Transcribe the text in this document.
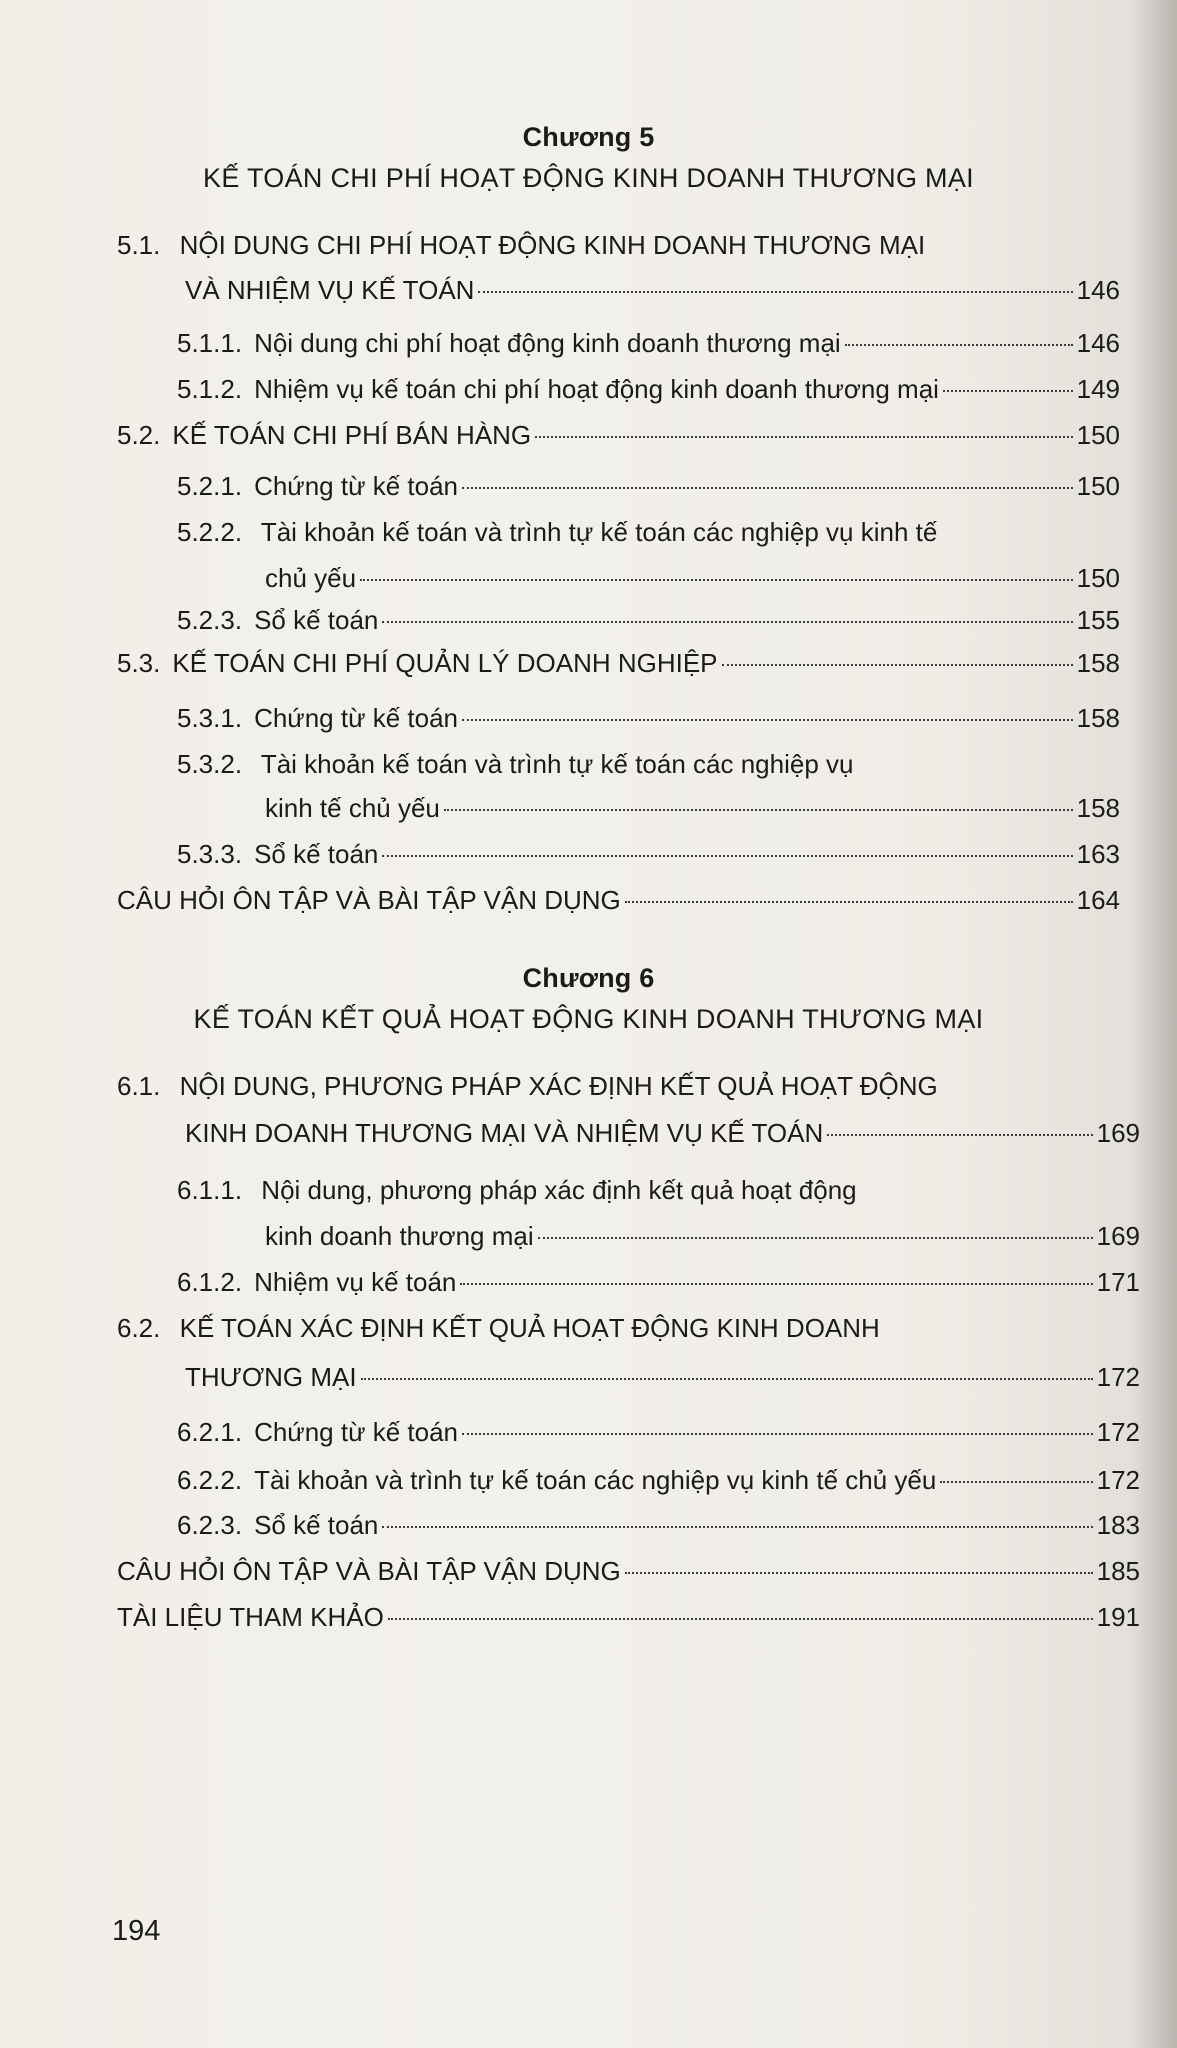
Chương 5
KẾ TOÁN CHI PHÍ HOẠT ĐỘNG KINH DOANH THƯƠNG MẠI
5.1. NỘI DUNG CHI PHÍ HOẠT ĐỘNG KINH DOANH THƯƠNG MẠI
VÀ NHIỆM VỤ KẾ TOÁN	146
5.1.1. Nội dung chi phí hoạt động kinh doanh thương mại	146
5.1.2. Nhiệm vụ kế toán chi phí hoạt động kinh doanh thương mại	149
5.2. KẾ TOÁN CHI PHÍ BÁN HÀNG	150
5.2.1. Chứng từ kế toán	150
5.2.2. Tài khoản kế toán và trình tự kế toán các nghiệp vụ kinh tế
chủ yếu	150
5.2.3. Sổ kế toán	155
5.3. KẾ TOÁN CHI PHÍ QUẢN LÝ DOANH NGHIỆP	158
5.3.1. Chứng từ kế toán	158
5.3.2. Tài khoản kế toán và trình tự kế toán các nghiệp vụ
kinh tế chủ yếu	158
5.3.3. Sổ kế toán	163
CÂU HỎI ÔN TẬP VÀ BÀI TẬP VẬN DỤNG	164
Chương 6
KẾ TOÁN KẾT QUẢ HOẠT ĐỘNG KINH DOANH THƯƠNG MẠI
6.1. NỘI DUNG, PHƯƠNG PHÁP XÁC ĐỊNH KẾT QUẢ HOẠT ĐỘNG
KINH DOANH THƯƠNG MẠI VÀ NHIỆM VỤ KẾ TOÁN	169
6.1.1. Nội dung, phương pháp xác định kết quả hoạt động
kinh doanh thương mại	169
6.1.2. Nhiệm vụ kế toán	171
6.2. KẾ TOÁN XÁC ĐỊNH KẾT QUẢ HOẠT ĐỘNG KINH DOANH
THƯƠNG MẠI	172
6.2.1. Chứng từ kế toán	172
6.2.2. Tài khoản và trình tự kế toán các nghiệp vụ kinh tế chủ yếu	172
6.2.3. Sổ kế toán	183
CÂU HỎI ÔN TẬP VÀ BÀI TẬP VẬN DỤNG	185
TÀI LIỆU THAM KHẢO	191
194
